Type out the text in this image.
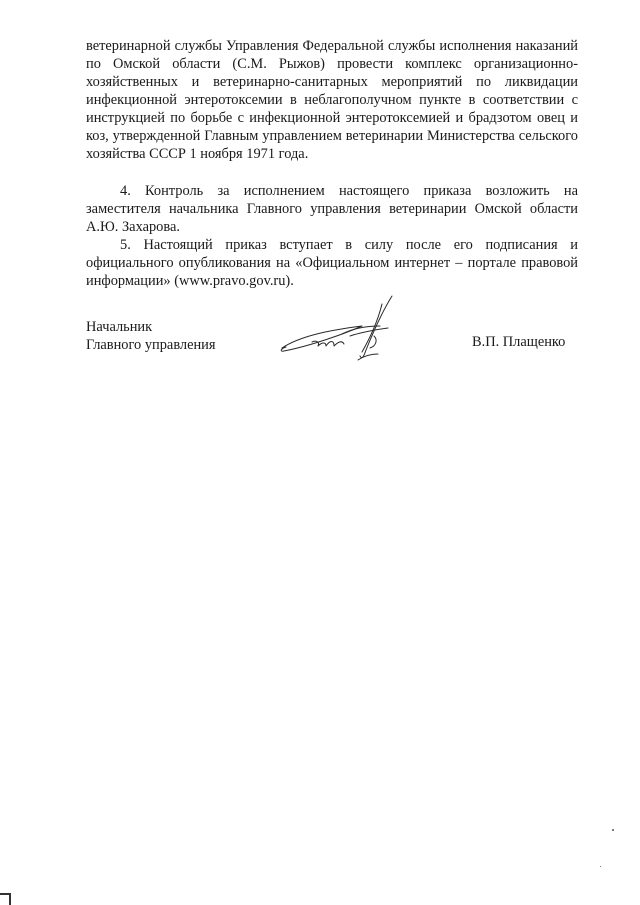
ветеринарной службы Управления Федеральной службы исполнения наказаний по Омской области (С.М. Рыжов) провести комплекс организационно-хозяйственных и ветеринарно-санитарных мероприятий по ликвидации инфекционной энтеротоксемии в неблагополучном пункте в соответствии с инструкцией по борьбе с инфекционной энтеротоксемией и брадзотом овец и коз, утвержденной Главным управлением ветеринарии Министерства сельского хозяйства СССР 1 ноября 1971 года.

4. Контроль за исполнением настоящего приказа возложить на заместителя начальника Главного управления ветеринарии Омской области А.Ю. Захарова.

5. Настоящий приказ вступает в силу после его подписания и официального опубликования на «Официальном интернет – портале правовой информации» (www.pravo.gov.ru).

Начальник
Главного управления	В.П. Плащенко
